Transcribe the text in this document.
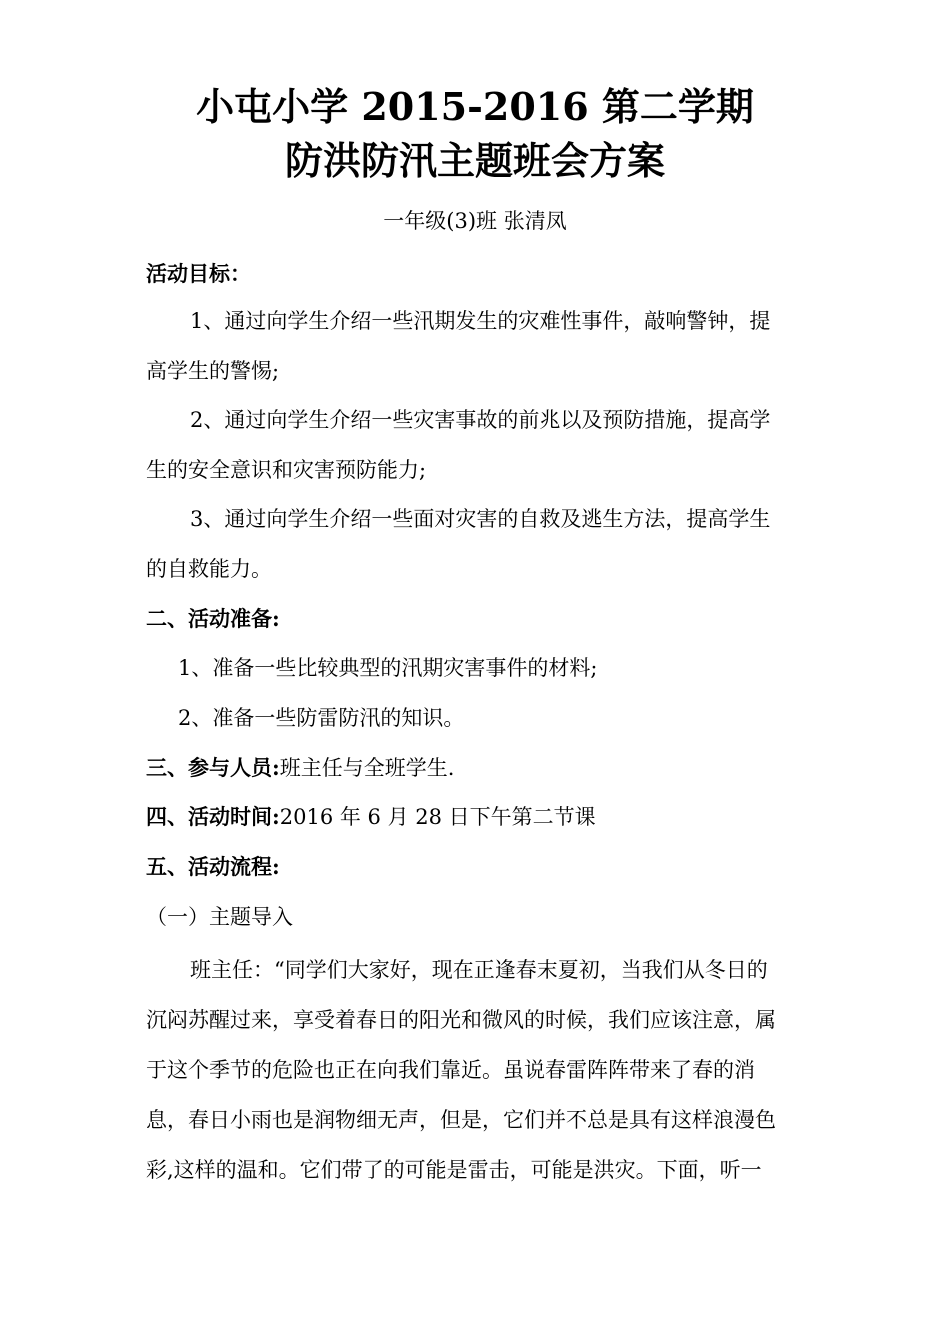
小屯小学 2015-2016 第二学期
防洪防汛主题班会方案
一年级(3)班 张清凤
活动目标：
1、通过向学生介绍一些汛期发生的灾难性事件，敲响警钟，提
高学生的警惕;
2、通过向学生介绍一些灾害事故的前兆以及预防措施，提高学
生的安全意识和灾害预防能力;
3、通过向学生介绍一些面对灾害的自救及逃生方法，提高学生
的自救能力。
二、活动准备:
1、准备一些比较典型的汛期灾害事件的材料;
2、准备一些防雷防汛的知识。
三、参与人员:班主任与全班学生.
四、活动时间:2016 年 6 月 28 日下午第二节课
五、活动流程:
（一）主题导入
班主任：“同学们大家好，现在正逢春末夏初，当我们从冬日的
沉闷苏醒过来，享受着春日的阳光和微风的时候，我们应该注意，属
于这个季节的危险也正在向我们靠近。虽说春雷阵阵带来了春的消
息，春日小雨也是润物细无声，但是，它们并不总是具有这样浪漫色
彩,这样的温和。它们带了的可能是雷击，可能是洪灾。下面，听一
